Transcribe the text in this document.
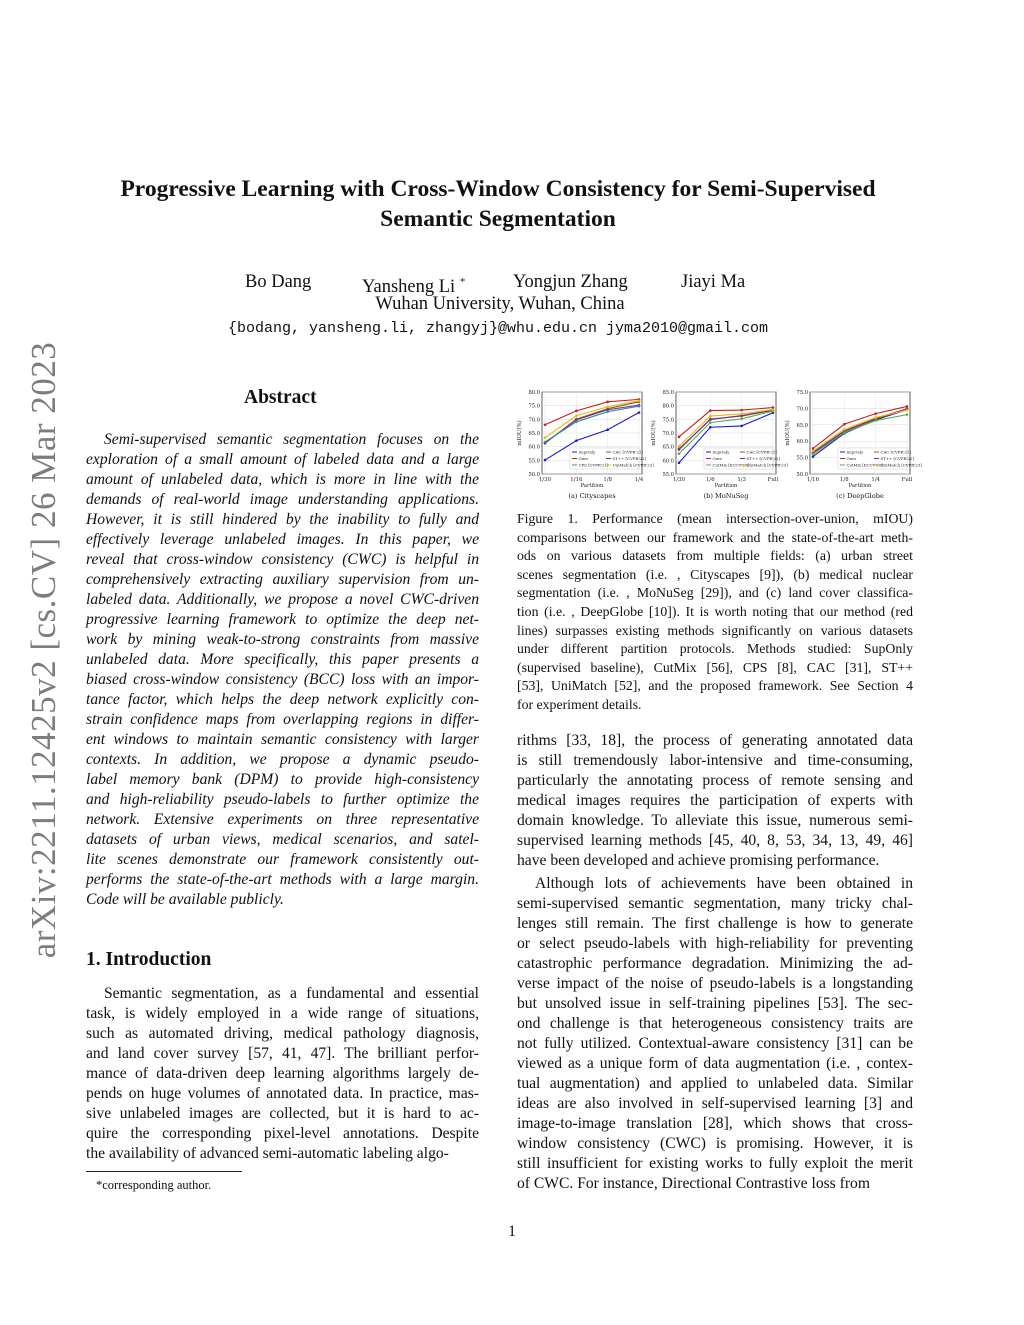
Progressive Learning with Cross-Window Consistency for Semi-Supervised
Semantic Segmentation
Bo Dang	Yansheng Li *	Yongjun Zhang	Jiayi Ma
Wuhan University, Wuhan, China
{bodang, yansheng.li, zhangyj}@whu.edu.cn jyma2010@gmail.com
arXiv:2211.12425v2 [cs.CV] 26 Mar 2023	Abstract
Semi-supervised semantic segmentation focuses on the
exploration of a small amount of labeled data and a large
amount of unlabeled data, which is more in line with the
demands of real-world image understanding applications.
However, it is still hindered by the inability to fully and
effectively leverage unlabeled images. In this paper, we
reveal that cross-window consistency (CWC) is helpful in
comprehensively extracting auxiliary supervision from un-
labeled data. Additionally, we propose a novel CWC-driven
progressive learning framework to optimize the deep net-
work by mining weak-to-strong constraints from massive
unlabeled data. More specifically, this paper presents a
biased cross-window consistency (BCC) loss with an impor-
tance factor, which helps the deep network explicitly con-
strain confidence maps from overlapping regions in differ-
ent windows to maintain semantic consistency with larger
contexts. In addition, we propose a dynamic pseudo-
label memory bank (DPM) to provide high-consistency
and high-reliability pseudo-labels to further optimize the
network. Extensive experiments on three representative
datasets of urban views, medical scenarios, and satel-
lite scenes demonstrate our framework consistently out-
performs the state-of-the-art methods with a large margin.
Code will be available publicly.
1. Introduction
Semantic segmentation, as a fundamental and essential
task, is widely employed in a wide range of situations,
such as automated driving, medical pathology diagnosis,
and land cover survey [57, 41, 47]. The brilliant perfor-
mance of data-driven deep learning algorithms largely de-
pends on huge volumes of annotated data. In practice, mas-
sive unlabeled images are collected, but it is hard to ac-
quire the corresponding pixel-level annotations. Despite
the availability of advanced semi-automatic labeling algo-
*corresponding author.
50.0
55.0
60.0
65.0
70.0
75.0
80.0
1/30	1/16	1/8	1/4
Partition
mIOU(%)
(a) Cityscapes
SupOnly	CAC [CVPR'21]
Ours	ST++ [CVPR'22]
CPS [CVPR'21] UniMatch [CVPR'23]
55.0
60.0
65.0
70.0
75.0
80.0
85.0
1/30	1/6	1/3	Full
Partition
mIOU(%)
(b) MoNuSeg
SupOnly	CAC [CVPR'21]
Ours	ST++ [CVPR'22]
CutMix [ECCV'20]
UniMatch [CVPR'23]
50.0
55.0
60.0
65.0
70.0
75.0
1/16	1/8	1/4	Full
Partition
mIOU(%)
(c) DeepGlobe
SupOnly	CAC [CVPR'21]
Ours	ST++ [CVPR'22]
CutMix [ECCV'20]
UniMatch [CVPR'23]
Figure 1. Performance (mean intersection-over-union, mIOU)
comparisons between our framework and the state-of-the-art meth-
ods on various datasets from multiple fields: (a) urban street
scenes segmentation (i.e. , Cityscapes [9]), (b) medical nuclear
segmentation (i.e. , MoNuSeg [29]), and (c) land cover classifica-
tion (i.e. , DeepGlobe [10]). It is worth noting that our method (red
lines) surpasses existing methods significantly on various datasets
under different partition protocols. Methods studied: SupOnly
(supervised baseline), CutMix [56], CPS [8], CAC [31], ST++
[53], UniMatch [52], and the proposed framework. See Section 4
for experiment details.
rithms [33, 18], the process of generating annotated data
is still tremendously labor-intensive and time-consuming,
particularly the annotating process of remote sensing and
medical images requires the participation of experts with
domain knowledge. To alleviate this issue, numerous semi-
supervised learning methods [45, 40, 8, 53, 34, 13, 49, 46]
have been developed and achieve promising performance.
Although lots of achievements have been obtained in
semi-supervised semantic segmentation, many tricky chal-
lenges still remain. The first challenge is how to generate
or select pseudo-labels with high-reliability for preventing
catastrophic performance degradation. Minimizing the ad-
verse impact of the noise of pseudo-labels is a longstanding
but unsolved issue in self-training pipelines [53]. The sec-
ond challenge is that heterogeneous consistency traits are
not fully utilized. Contextual-aware consistency [31] can be
viewed as a unique form of data augmentation (i.e. , contex-
tual augmentation) and applied to unlabeled data. Similar
ideas are also involved in self-supervised learning [3] and
image-to-image translation [28], which shows that cross-
window consistency (CWC) is promising. However, it is
still insufficient for existing works to fully exploit the merit
of CWC. For instance, Directional Contrastive loss from
1
